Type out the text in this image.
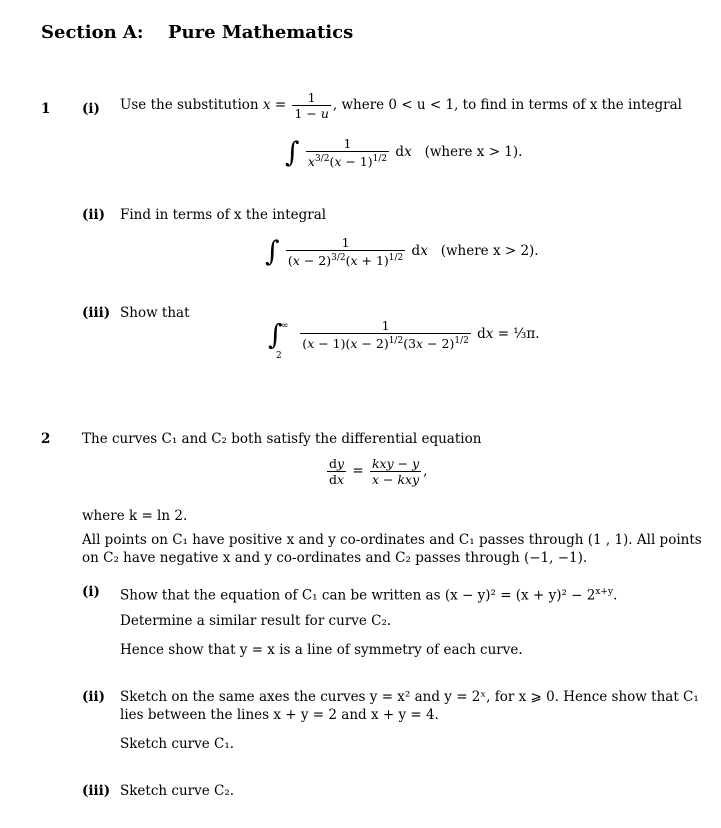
Section A: Pure Mathematics
1 (i) Use the substitution $x = \frac{1}{1 - u}$ , where 0 < u < 1, to find in terms of x the integral
∫ $\frac{1}{x^{3/2}(x - 1)^{1/2}}$ dx (where x > 1).
(ii) Find in terms of x the integral
∫ $\frac{1}{(x - 2)^{3/2}(x + 1)^{1/2}}$ dx (where x > 2).
(iii) Show that
∫
∞
2

$\frac{1}{(x - 1)(x - 2)^{1/2}(3x - 2)^{1/2}}$ dx = ⅓π.
2 The curves C₁ and C₂ both satisfy the differential equation
$\frac{dy}{dx} = \frac{\text{kxy − y}}{\text{x − kxy}}$ ,
where k = ln 2.
All points on C₁ have positive x and y co-ordinates and C₁ passes through (1 , 1). All points
on C₂ have negative x and y co-ordinates and C₂ passes through (−1, −1).
(i) Show that the equation of C₁ can be written as $(x - y)^2 = (x + y)^2 - 2^{x+y}$.
Determine a similar result for curve C₂.
Hence show that y = x is a line of symmetry of each curve.
(ii) Sketch on the same axes the curves y = x² and y = 2ˣ, for x ⩾ 0. Hence show that C₁
lies between the lines x + y = 2 and x + y = 4.
Sketch curve C₁.
(iii) Sketch curve C₂.
